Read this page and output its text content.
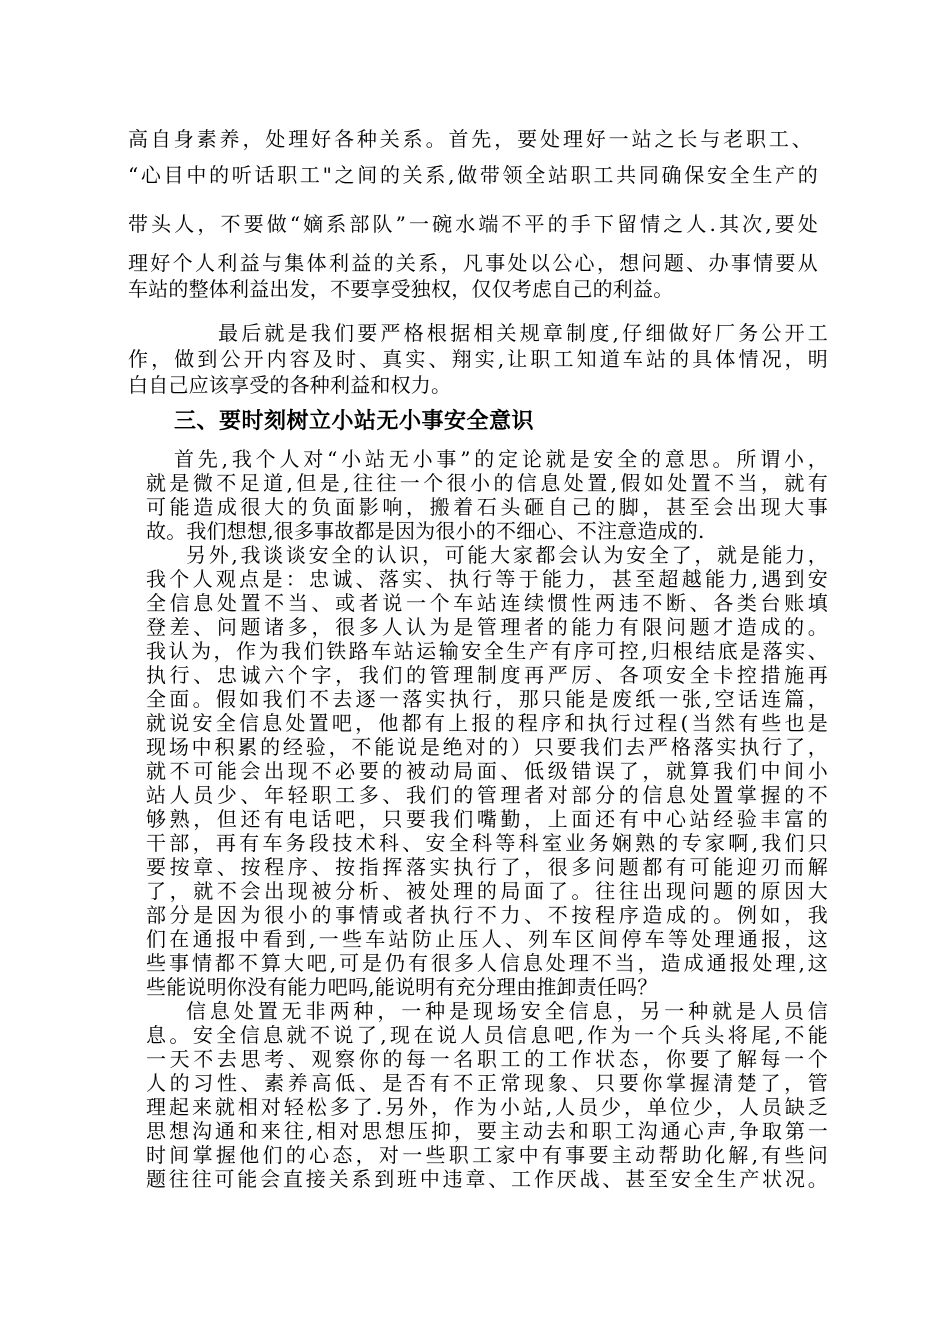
高自身素养，处理好各种关系。首先，要处理好一站之长与老职工、
“心目中的听话职工"之间的关系,做带领全站职工共同确保安全生产的
带头人，不要做“嫡系部队”一碗水端不平的手下留情之人.其次,要处
理好个人利益与集体利益的关系，凡事处以公心，想问题、办事情要从
车站的整体利益出发，不要享受独权，仅仅考虑自己的利益。
最后就是我们要严格根据相关规章制度,仔细做好厂务公开工
作，做到公开内容及时、真实、翔实,让职工知道车站的具体情况，明
白自己应该享受的各种利益和权力。
三、要时刻树立小站无小事安全意识
首先,我个人对“小站无小事”的定论就是安全的意思。所谓小，
就是微不足道,但是,往往一个很小的信息处置,假如处置不当，就有
可能造成很大的负面影响，搬着石头砸自己的脚，甚至会出现大事
故。我们想想,很多事故都是因为很小的不细心、不注意造成的.
另外,我谈谈安全的认识，可能大家都会认为安全了，就是能力，
我个人观点是：忠诚、落实、执行等于能力，甚至超越能力,遇到安
全信息处置不当、或者说一个车站连续惯性两违不断、各类台账填
登差、问题诸多，很多人认为是管理者的能力有限问题才造成的。
我认为，作为我们铁路车站运输安全生产有序可控,归根结底是落实、
执行、忠诚六个字，我们的管理制度再严厉、各项安全卡控措施再
全面。假如我们不去逐一落实执行，那只能是废纸一张,空话连篇，
就说安全信息处置吧，他都有上报的程序和执行过程(当然有些也是
现场中积累的经验，不能说是绝对的）只要我们去严格落实执行了，
就不可能会出现不必要的被动局面、低级错误了，就算我们中间小
站人员少、年轻职工多、我们的管理者对部分的信息处置掌握的不
够熟，但还有电话吧，只要我们嘴勤，上面还有中心站经验丰富的
干部，再有车务段技术科、安全科等科室业务娴熟的专家啊,我们只
要按章、按程序、按指挥落实执行了，很多问题都有可能迎刃而解
了，就不会出现被分析、被处理的局面了。往往出现问题的原因大
部分是因为很小的事情或者执行不力、不按程序造成的。例如，我
们在通报中看到,一些车站防止压人、列车区间停车等处理通报，这
些事情都不算大吧,可是仍有很多人信息处理不当，造成通报处理,这
些能说明你没有能力吧吗,能说明有充分理由推卸责任吗？
信息处置无非两种，一种是现场安全信息，另一种就是人员信
息。安全信息就不说了,现在说人员信息吧,作为一个兵头将尾,不能
一天不去思考、观察你的每一名职工的工作状态，你要了解每一个
人的习性、素养高低、是否有不正常现象、只要你掌握清楚了，管
理起来就相对轻松多了.另外，作为小站,人员少，单位少，人员缺乏
思想沟通和来往,相对思想压抑，要主动去和职工沟通心声,争取第一
时间掌握他们的心态，对一些职工家中有事要主动帮助化解,有些问
题往往可能会直接关系到班中违章、工作厌战、甚至安全生产状况。
